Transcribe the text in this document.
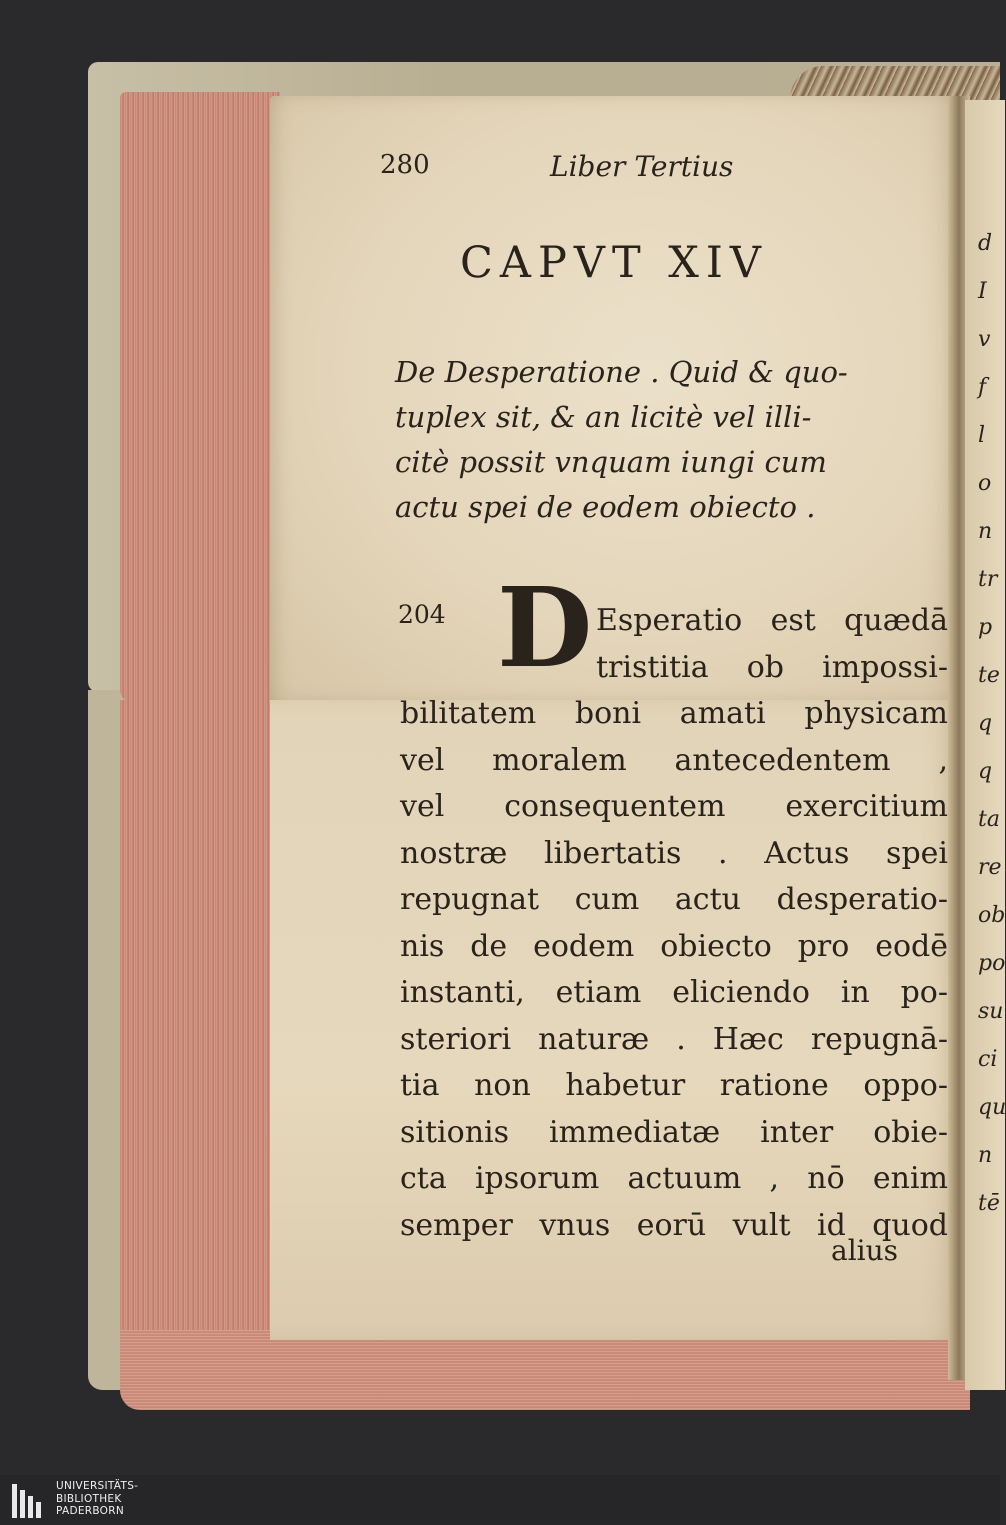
280	Liber Tertius
CAPVT XIV
De Desperatione . Quid & quo-
tuplex sit, & an licitè vel illi-
citè possit vnquam iungi cum
actu spei de eodem obiecto .
204 D Esperatio est quædā
tristitia ob impossi-
bilitatem boni amati physicam
vel moralem antecedentem ,
vel consequentem exercitium
nostræ libertatis . Actus spei
repugnat cum actu desperatio-
nis de eodem obiecto pro eodē
instanti, etiam eliciendo in po-
steriori naturæ . Hæc repugnā-
tia non habetur ratione oppo-
sitionis immediatæ inter obie-
cta ipsorum actuum , nō enim
semper vnus eorū vult id quod
alius
d
I
v
f
l
o
n
tr
p
te
q
q
ta
re
ob
po
su
ci
qu
n
tē
UNIVERSITÄTS-
BIBLIOTHEK
PADERBORN
